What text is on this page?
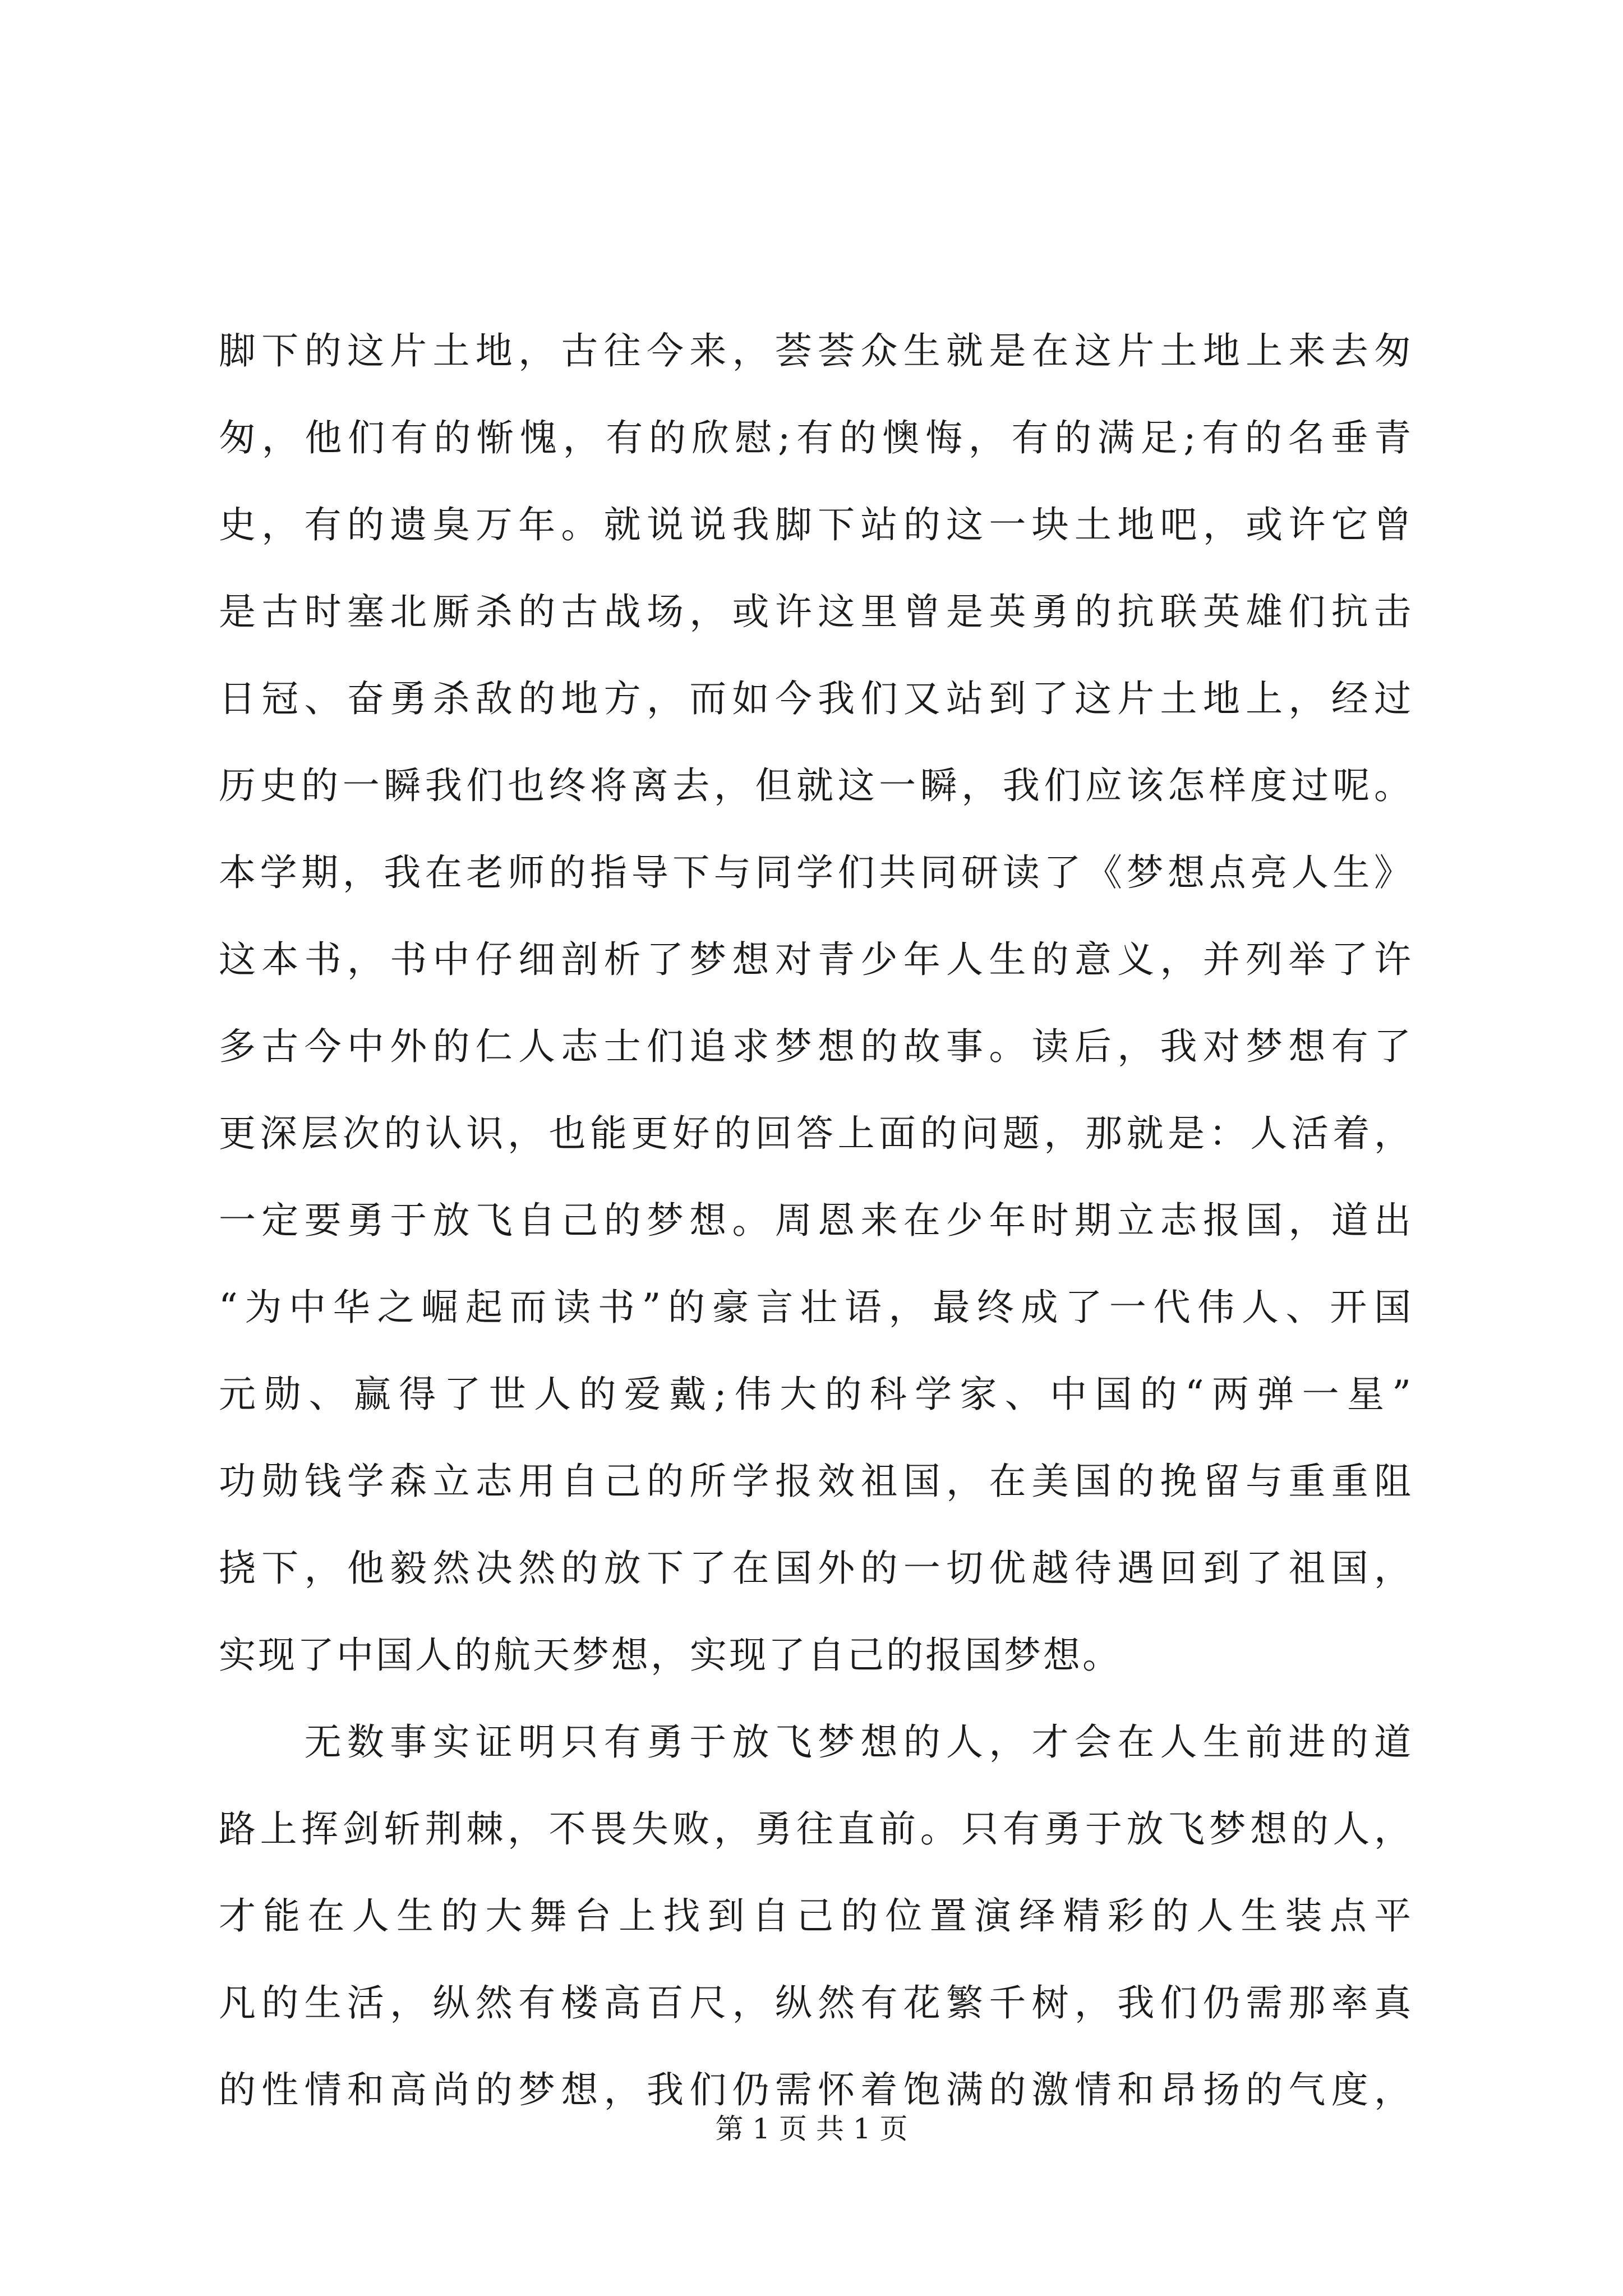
脚下的这片土地，古往今来，荟荟众生就是在这片土地上来去匆
匆，他们有的惭愧，有的欣慰;有的懊悔，有的满足;有的名垂青
史，有的遗臭万年。就说说我脚下站的这一块土地吧，或许它曾
是古时塞北厮杀的古战场，或许这里曾是英勇的抗联英雄们抗击
日冠、奋勇杀敌的地方，而如今我们又站到了这片土地上，经过
历史的一瞬我们也终将离去，但就这一瞬，我们应该怎样度过呢。
本学期，我在老师的指导下与同学们共同研读了《梦想点亮人生》
这本书，书中仔细剖析了梦想对青少年人生的意义，并列举了许
多古今中外的仁人志士们追求梦想的故事。读后，我对梦想有了
更深层次的认识，也能更好的回答上面的问题，那就是：人活着，
一定要勇于放飞自己的梦想。周恩来在少年时期立志报国，道出
“为中华之崛起而读书”的豪言壮语，最终成了一代伟人、开国
元勋、赢得了世人的爱戴;伟大的科学家、中国的“两弹一星”
功勋钱学森立志用自己的所学报效祖国，在美国的挽留与重重阻
挠下，他毅然决然的放下了在国外的一切优越待遇回到了祖国，
实现了中国人的航天梦想，实现了自己的报国梦想。
　　无数事实证明只有勇于放飞梦想的人，才会在人生前进的道
路上挥剑斩荆棘，不畏失败，勇往直前。只有勇于放飞梦想的人，
才能在人生的大舞台上找到自己的位置演绎精彩的人生装点平
凡的生活，纵然有楼高百尺，纵然有花繁千树，我们仍需那率真
的性情和高尚的梦想，我们仍需怀着饱满的激情和昂扬的气度，
第 1 页 共 1 页
